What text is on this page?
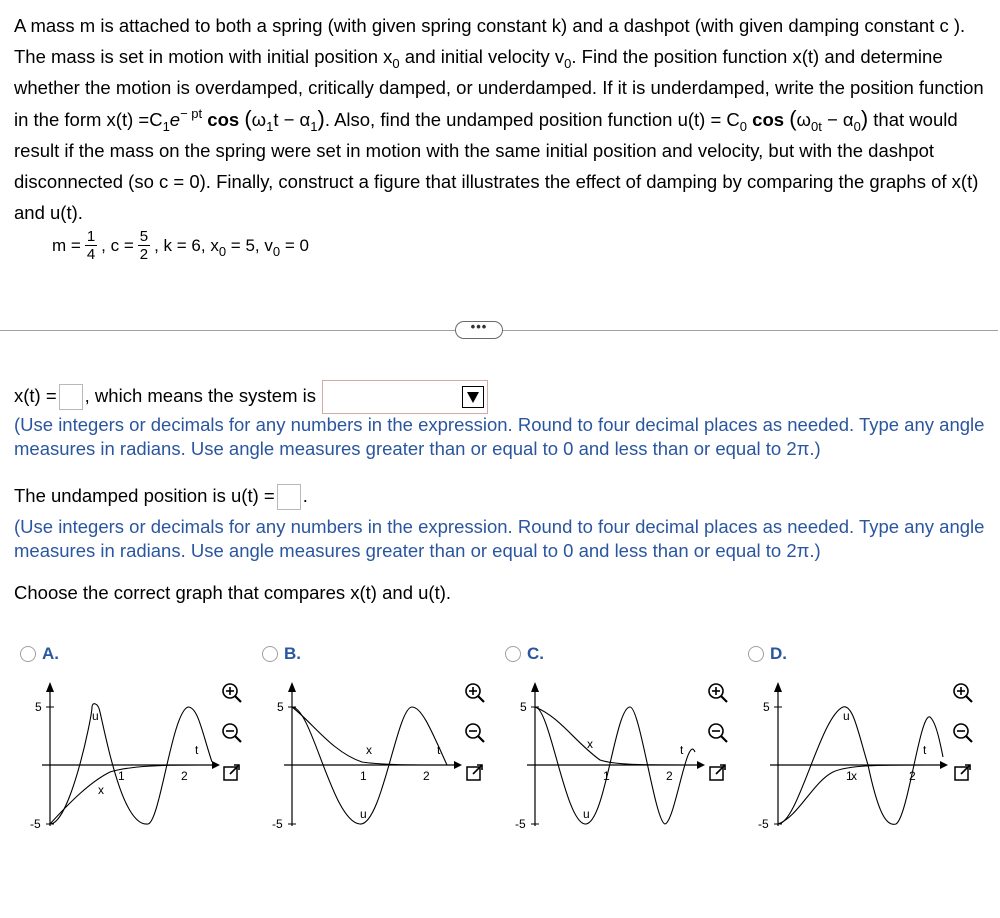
A mass m is attached to both a spring (with given spring constant k) and a dashpot (with given damping constant c ). The mass is set in motion with initial position $x_0$ and initial velocity $v_0$. Find the position function x(t) and determine whether the motion is overdamped, critically damped, or underdamped. If it is underdamped, write the position function in the form $x(t) =C_1e^{- pt}$ $\cos (\omega_1t - \alpha_1)$. Also, find the undamped position function $u(t) = C_0$ $\cos (\omega_{0t} - \alpha_0)$ that would result if the mass on the spring were set in motion with the same initial position and velocity, but with the dashpot disconnected (so c = 0). Finally, construct a figure that illustrates the effect of damping by comparing the graphs of x(t) and u(t).

$m = \frac{1}{4}$ , $c = \frac{5}{2}$ , k = 6, $x_0 = 5$, $v_0 = 0$
•••
x(t) = , which means the system is
(Use integers or decimals for any numbers in the expression. Round to four decimal places as needed. Type any angle measures in radians. Use angle measures greater than or equal to 0 and less than or equal to 2π.)
The undamped position is u(t) = .
(Use integers or decimals for any numbers in the expression. Round to four decimal places as needed. Type any angle measures in radians. Use angle measures greater than or equal to 0 and less than or equal to 2π.)
Choose the correct graph that compares x(t) and u(t).
A.	B.	C.	D.
5
-5
t
1	2
u
x
5
-5
t
1	2
x
u
5
-5
t
1	2
x
u
5
-5
t
1	2
u
x
